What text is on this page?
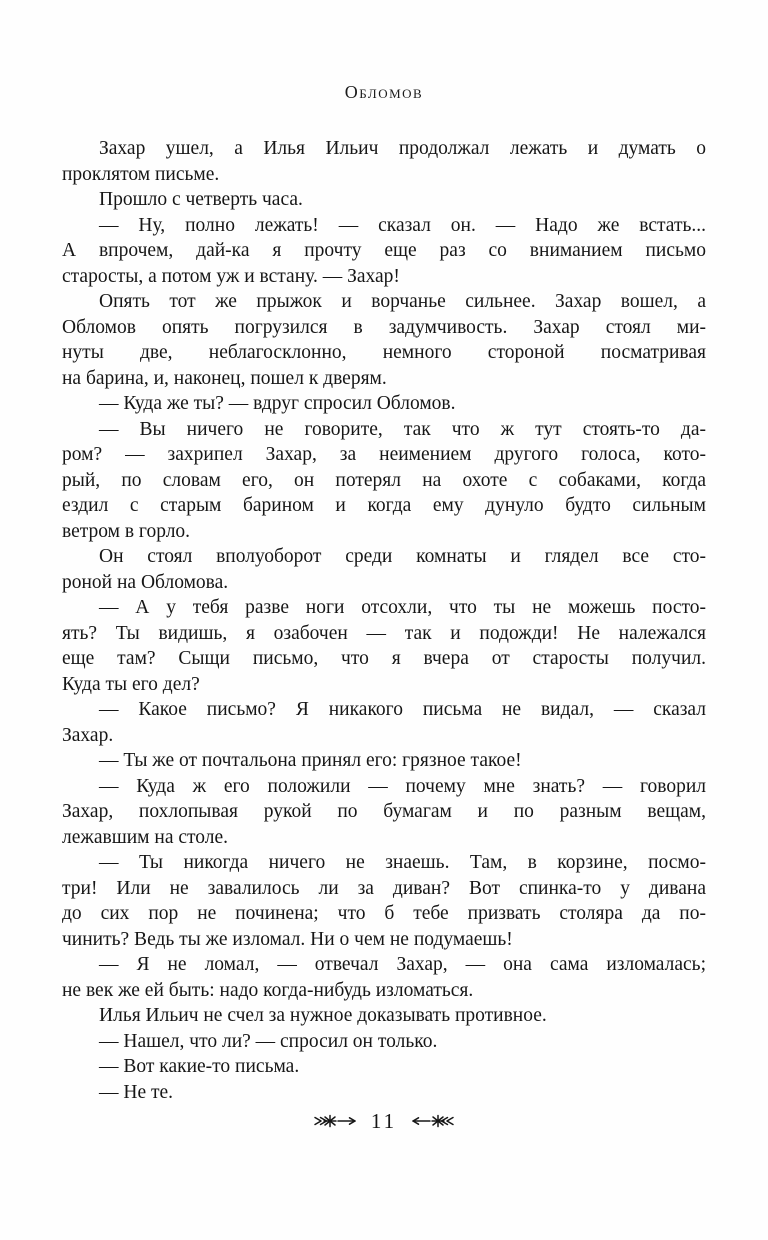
Обломов

Захар ушел, а Илья Ильич продолжал лежать и думать о
проклятом письме.

Прошло с четверть часа.

— Ну, полно лежать! — сказал он. — Надо же встать...
А впрочем, дай-ка я прочту еще раз со вниманием письмо
старосты, а потом уж и встану. — Захар!

Опять тот же прыжок и ворчанье сильнее. Захар вошел, а
Обломов опять погрузился в задумчивость. Захар стоял ми-
нуты две, неблагосклонно, немного стороной посматривая
на барина, и, наконец, пошел к дверям.

— Куда же ты? — вдруг спросил Обломов.

— Вы ничего не говорите, так что ж тут стоять-то да-
ром? — захрипел Захар, за неимением другого голоса, кото-
рый, по словам его, он потерял на охоте с собаками, когда
ездил с старым барином и когда ему дунуло будто сильным
ветром в горло.

Он стоял вполуоборот среди комнаты и глядел все сто-
роной на Обломова.

— А у тебя разве ноги отсохли, что ты не можешь посто-
ять? Ты видишь, я озабочен — так и подожди! Не належался
еще там? Сыщи письмо, что я вчера от старосты получил.
Куда ты его дел?

— Какое письмо? Я никакого письма не видал, — сказал
Захар.

— Ты же от почтальона принял его: грязное такое!

— Куда ж его положили — почему мне знать? — говорил
Захар, похлопывая рукой по бумагам и по разным вещам,
лежавшим на столе.

— Ты никогда ничего не знаешь. Там, в корзине, посмо-
три! Или не завалилось ли за диван? Вот спинка-то у дивана
до сих пор не починена; что б тебе призвать столяра да по-
чинить? Ведь ты же изломал. Ни о чем не подумаешь!

— Я не ломал, — отвечал Захар, — она сама изломалась;
не век же ей быть: надо когда-нибудь изломаться.

Илья Ильич не счел за нужное доказывать противное.

— Нашел, что ли? — спросил он только.

— Вот какие-то письма.

— Не те.

11
